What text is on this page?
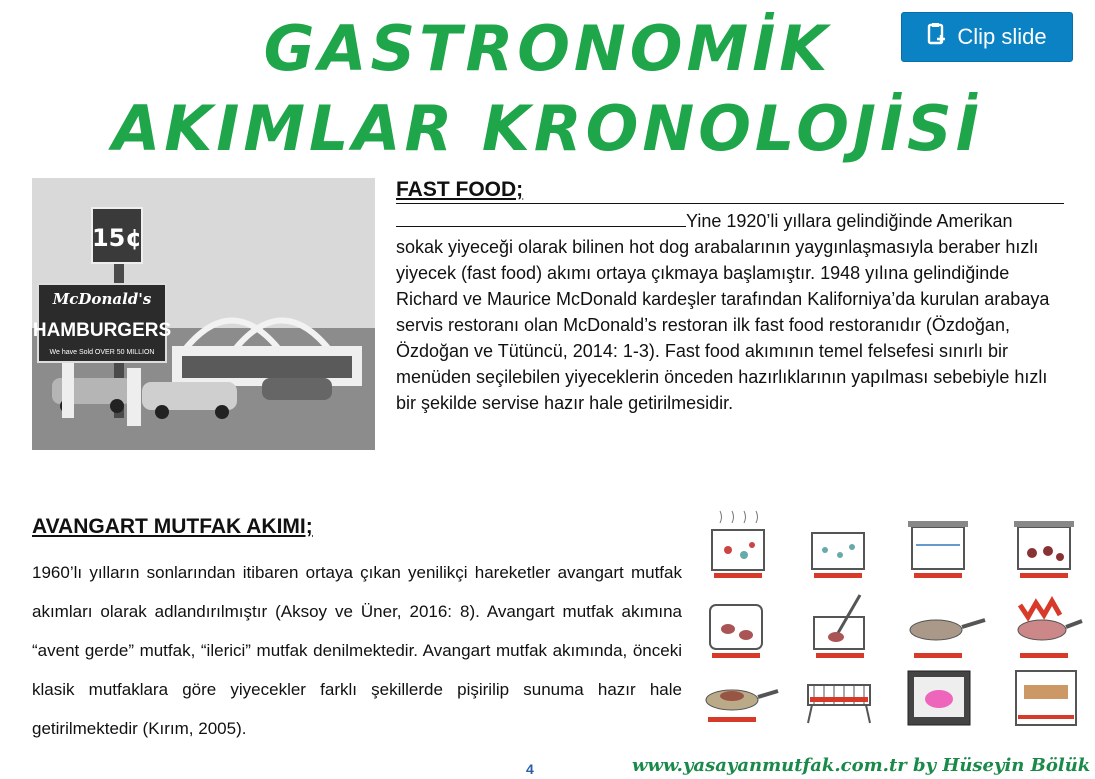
GASTRONOMİK
AKIMLAR KRONOLOJİSİ
Clip slide
15¢
McDonald's
HAMBURGERS
We have Sold OVER 50 MILLION
FAST FOOD;

Yine 1920’li yıllara gelindiğinde Amerikan sokak yiyeceği olarak bilinen hot dog arabalarının yaygınlaşmasıyla beraber hızlı yiyecek (fast food) akımı ortaya çıkmaya başlamıştır. 1948 yılına gelindiğinde Richard ve Maurice McDonald kardeşler tarafından Kaliforniya’da kurulan arabaya servis restoranı olan McDonald’s restoran ilk fast food restoranıdır (Özdoğan, Özdoğan ve Tütüncü, 2014: 1-3). Fast food akımının temel felsefesi sınırlı bir menüden seçilebilen yiyeceklerin önceden hazırlıklarının yapılması sebebiyle hızlı bir şekilde servise hazır hale getirilmesidir.

AVANGART MUTFAK AKIMI;

1960’lı yılların sonlarından itibaren ortaya çıkan yenilikçi hareketler avangart mutfak akımları olarak adlandırılmıştır (Aksoy ve Üner, 2016: 8). Avangart mutfak akımına “avent gerde” mutfak, “ilerici” mutfak denilmektedir. Avangart mutfak akımında, önceki klasik mutfaklara göre yiyecekler farklı şekillerde pişirilip sunuma hazır hale getirilmektedir (Kırım, 2005).

4	www.yasayanmutfak.com.tr by Hüseyin Bölük
